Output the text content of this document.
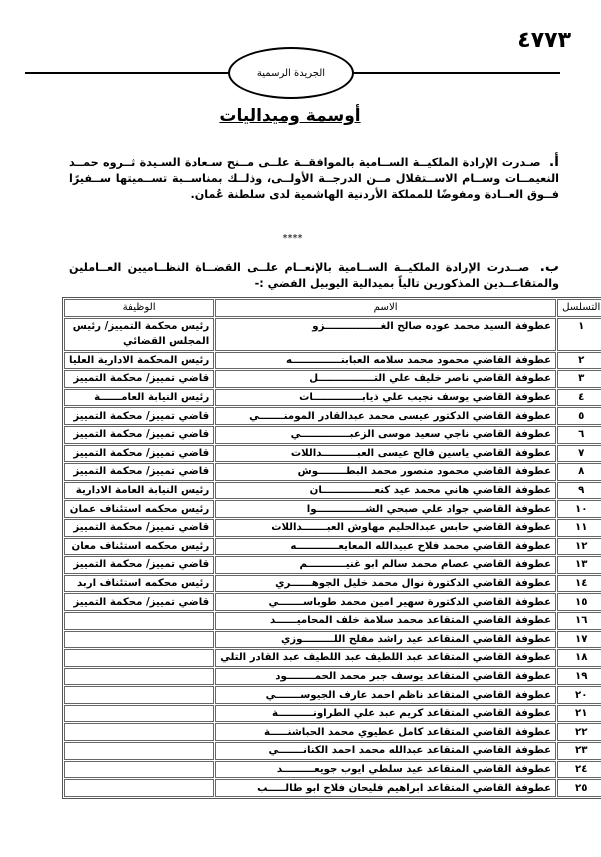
٤٧٧٣
الجريدة الرسمية
أوسمة وميداليات
أ. صـدرت الإرادة الملكيــة الســامية بالموافقــة علــى مــنح سـعادة السـيدة ثــروه حمــد النعيمــات وســام الاســتقلال مــن الدرجــة الأولــى، وذلــك بمناســبة تســميتها ســفيرًا فــوق العــادة ومفوضًا للمملكة الأردنية الهاشمية لدى سلطنة عُمان.
****
ب. صــدرت الإرادة الملكيــة الســامية بالإنعــام علــى القضــاة النظــاميين العــاملين والمتقاعــدين المذكورين تالياً بميدالية اليوبيل الفضي :-
التسلسل	الاسم	الوظيفة
١	عطوفة السيد محمد عوده صالح الغــــــــــــــــزو	رئيس محكمة التمييز/ رئيس المجلس القضائي
٢	عطوفة القاضي محمود محمد سلامه العبابنــــــــــــــه	رئيس المحكمة الادارية العليا
٣	عطوفة القاضي ناصر خليف علي التــــــــــــــــل	قاضي تمييز/ محكمة التمييز
٤	عطوفة القاضي يوسف نجيب علي ذيابــــــــــــــات	رئيس النيابة العامــــــة
٥	عطوفة القاضي الدكتور عيسى محمد عبدالقادر المومنـــــــي	قاضي تمييز/ محكمة التمييز
٦	عطوفة القاضي ناجي سعيد موسى الزعبــــــــــــــي	قاضي تمييز/ محكمة التمييز
٧	عطوفة القاضي ياسين فالح عيسى العبــــــــــداللات	قاضي تمييز/ محكمة التمييز
٨	عطوفة القاضي محمود منصور محمد البطــــــــوش	قاضي تمييز/ محكمة التمييز
٩	عطوفة القاضي هاني محمد عيد كنعـــــــــــــــان	رئيس النيابة العامة الادارية
١٠	عطوفة القاضي جواد علي صبحي الشــــــــــــــوا	رئيس محكمه استئناف عمان
١١	عطوفة القاضي حابس عبدالحليم مهاوش العبـــــــداللات	قاضي تمييز/ محكمة التمييز
١٢	عطوفة القاضي محمد فلاح عبيدالله المعايعــــــــــــه	رئيس محكمه استئناف معان
١٣	عطوفة القاضي عصام محمد سالم ابو غنيـــــــــــم	قاضي تمييز/ محكمة التمييز
١٤	عطوفة القاضي الدكتورة نوال محمد خليل الجوهــــــري	رئيس محكمه استئناف اربد
١٥	عطوفة القاضي الدكتورة سهير امين محمد طوباســـــــي	قاضي تمييز/ محكمة التمييز
١٦	عطوفة القاضي المتقاعد محمد سلامة خلف المحاميــــــد	
١٧	عطوفة القاضي المتقاعد عيد راشد مفلح اللـــــــــوزي	
١٨	عطوفة القاضي المتقاعد عبد اللطيف عبد اللطيف عبد القادر التلي	
١٩	عطوفة القاضي المتقاعد يوسف جبر محمد الحمــــــــود	
٢٠	عطوفة القاضي المتقاعد ناظم احمد عارف الجيوســـــــي	
٢١	عطوفة القاضي المتقاعد كريم عبد علي الطراونــــــــــة	
٢٢	عطوفة القاضي المتقاعد كامل عطيوي محمد الحباشنـــــة	
٢٣	عطوفة القاضي المتقاعد عبدالله محمد احمد الكنانـــــــي	
٢٤	عطوفة القاضي المتقاعد عيد سلطي ايوب جويعـــــــــد	
٢٥	عطوفة القاضي المتقاعد ابراهيم فليحان فلاح ابو طالـــــب	
